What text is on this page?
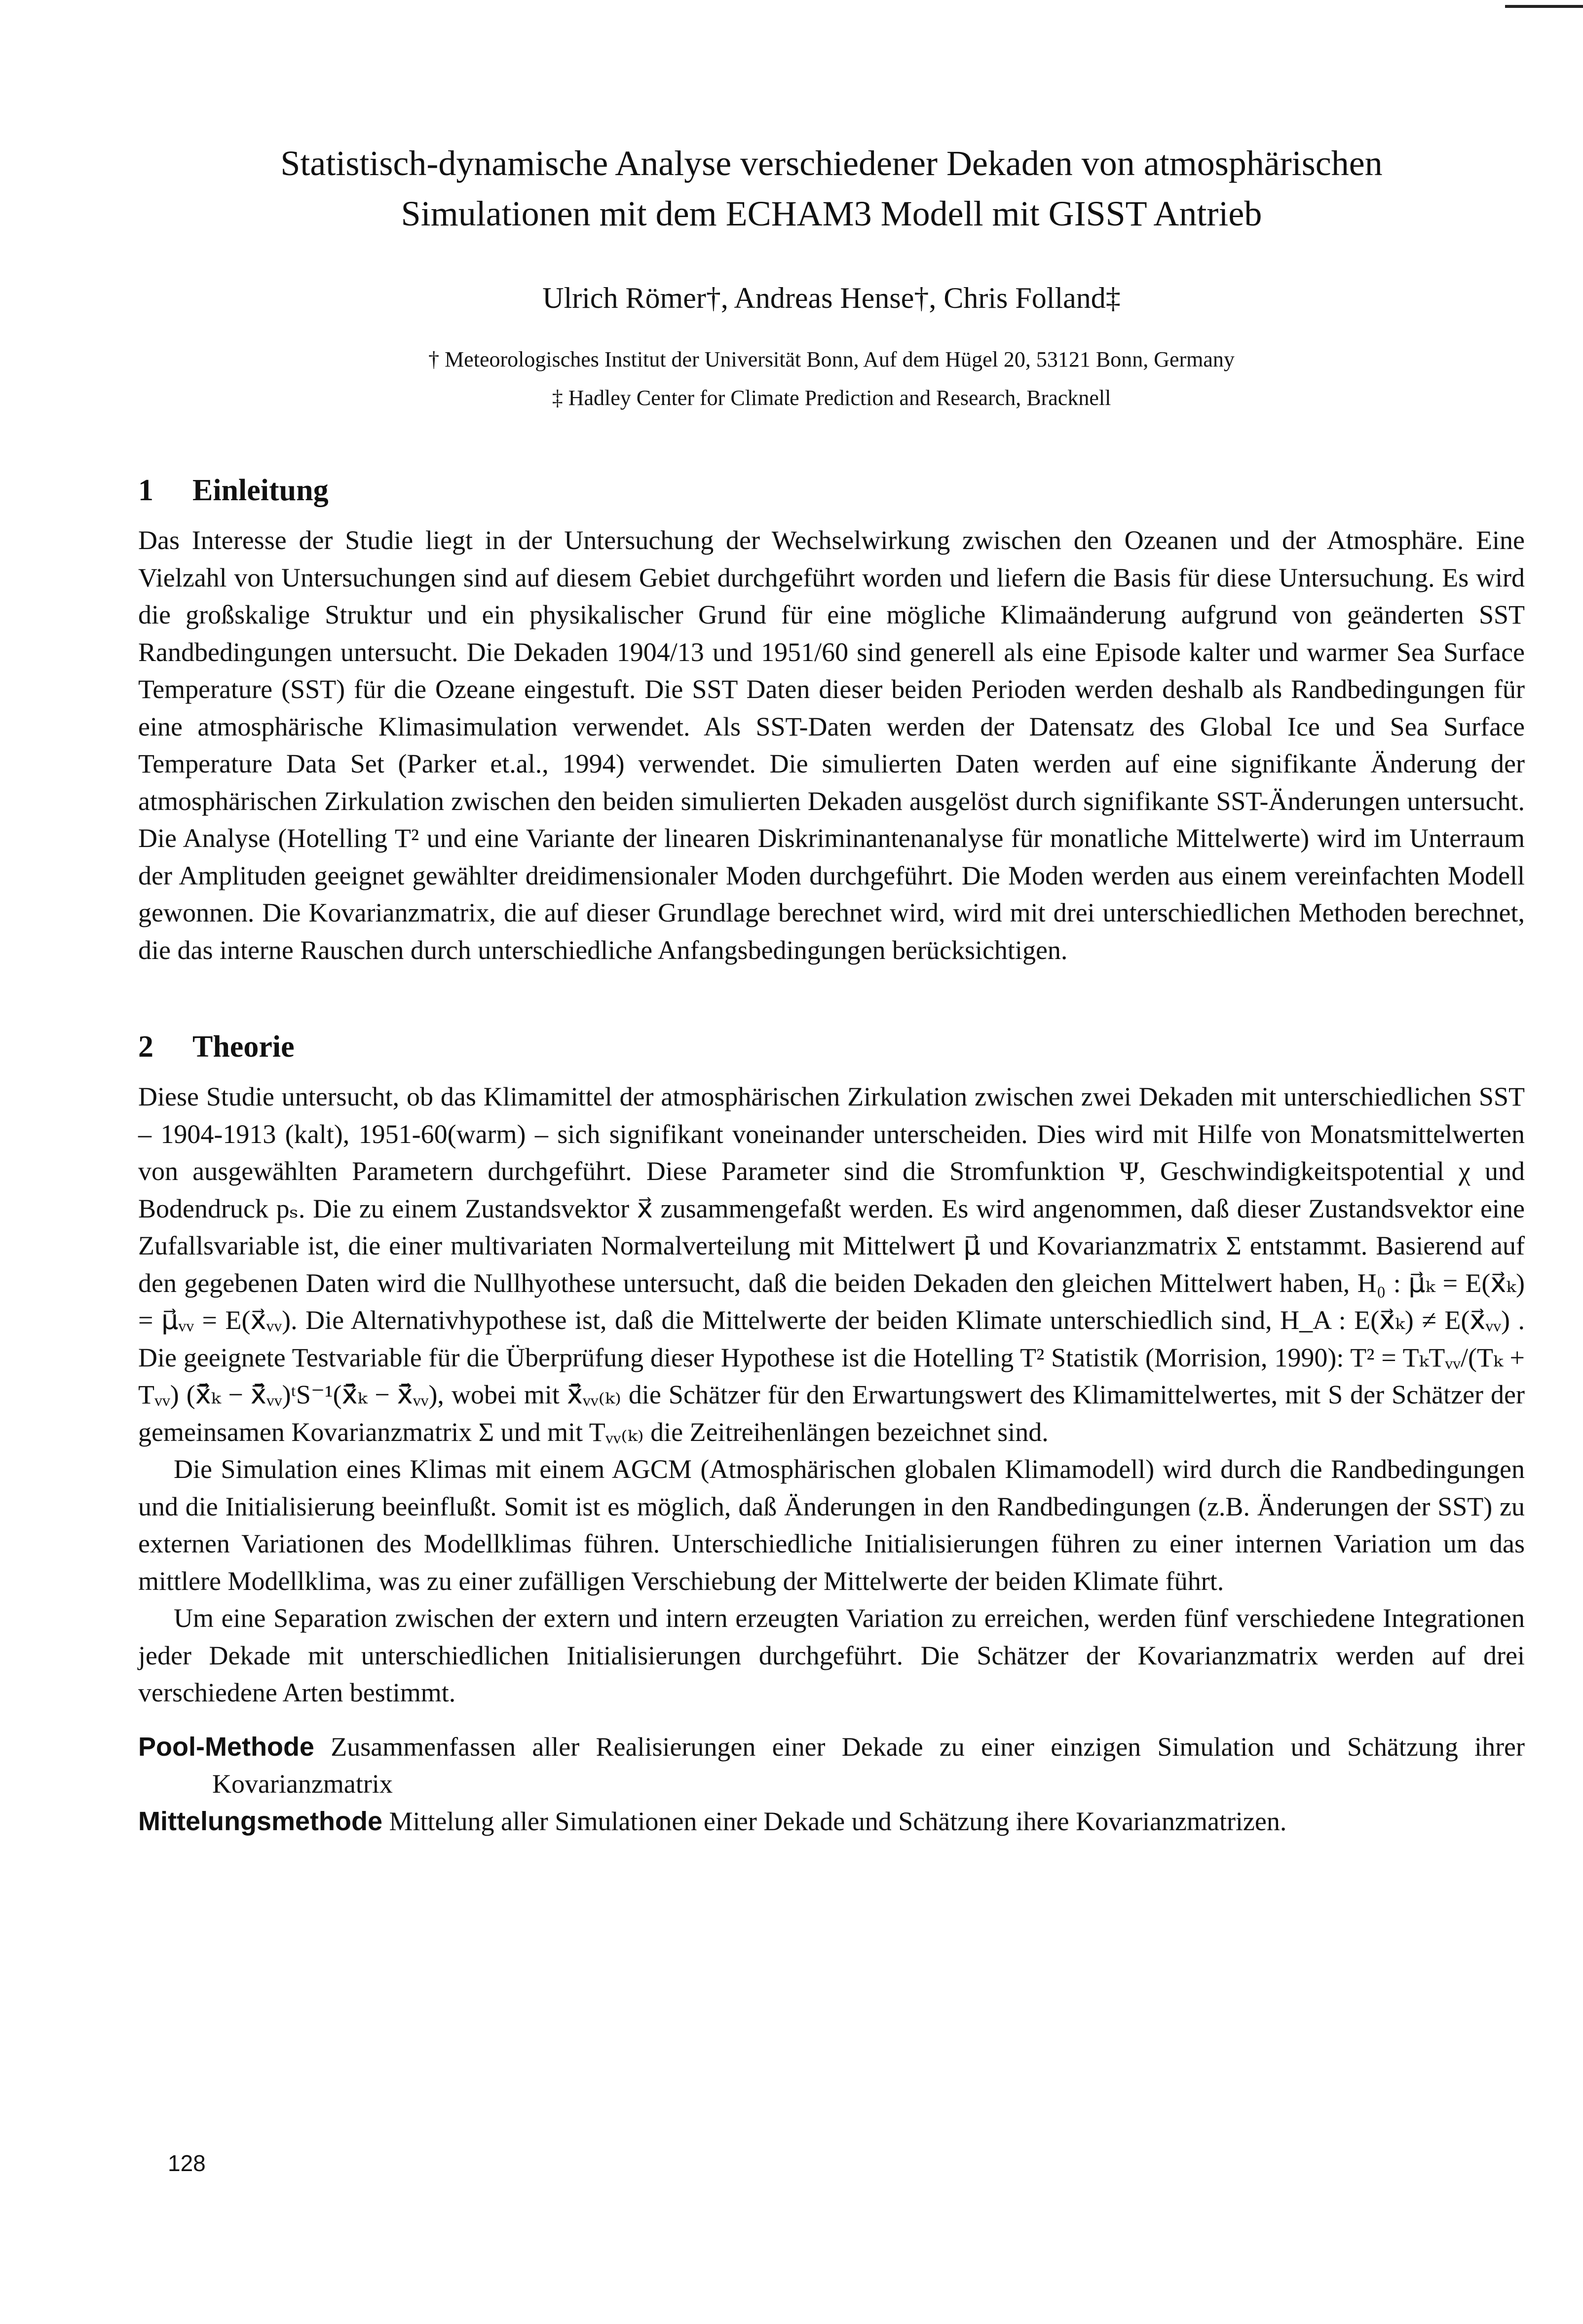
Statistisch-dynamische Analyse verschiedener Dekaden von atmosphärischen
Simulationen mit dem ECHAM3 Modell mit GISST Antrieb
Ulrich Römer†, Andreas Hense†, Chris Folland‡
† Meteorologisches Institut der Universität Bonn, Auf dem Hügel 20, 53121 Bonn, Germany
‡ Hadley Center for Climate Prediction and Research, Bracknell
1 Einleitung

Das Interesse der Studie liegt in der Untersuchung der Wechselwirkung zwischen den Ozeanen und der Atmosphäre. Eine Vielzahl von Untersuchungen sind auf diesem Gebiet durchgeführt worden und liefern die Basis für diese Untersuchung. Es wird die großskalige Struktur und ein physikalischer Grund für eine mögliche Klimaänderung aufgrund von geänderten SST Randbedingungen untersucht. Die Dekaden 1904/13 und 1951/60 sind generell als eine Episode kalter und warmer Sea Surface Temperature (SST) für die Ozeane eingestuft. Die SST Daten dieser beiden Perioden werden deshalb als Randbedingungen für eine atmosphärische Klimasimulation verwendet. Als SST-Daten werden der Datensatz des Global Ice und Sea Surface Temperature Data Set (Parker et.al., 1994) verwendet. Die simulierten Daten werden auf eine signifikante Änderung der atmosphärischen Zirkulation zwischen den beiden simulierten Dekaden ausgelöst durch signifikante SST-Änderungen untersucht. Die Analyse (Hotelling T² und eine Variante der linearen Diskriminantenanalyse für monatliche Mittelwerte) wird im Unterraum der Amplituden geeignet gewählter dreidimensionaler Moden durchgeführt. Die Moden werden aus einem vereinfachten Modell gewonnen. Die Kovarianzmatrix, die auf dieser Grundlage berechnet wird, wird mit drei unterschiedlichen Methoden berechnet, die das interne Rauschen durch unterschiedliche Anfangsbedingungen berücksichtigen.

2 Theorie

Diese Studie untersucht, ob das Klimamittel der atmosphärischen Zirkulation zwischen zwei Dekaden mit unterschiedlichen SST – 1904-1913 (kalt), 1951-60(warm) – sich signifikant voneinander unterscheiden. Dies wird mit Hilfe von Monatsmittelwerten von ausgewählten Parametern durchgeführt. Diese Parameter sind die Stromfunktion Ψ, Geschwindigkeitspotential χ und Bodendruck pₛ. Die zu einem Zustandsvektor x⃗ zusammengefaßt werden. Es wird angenommen, daß dieser Zustandsvektor eine Zufallsvariable ist, die einer multivariaten Normalverteilung mit Mittelwert μ⃗ und Kovarianzmatrix Σ entstammt. Basierend auf den gegebenen Daten wird die Nullhyothese untersucht, daß die beiden Dekaden den gleichen Mittelwert haben, H₀ : μ⃗ₖ = E(x⃗ₖ) = μ⃗ᵥᵥ = E(x⃗ᵥᵥ). Die Alternativhypothese ist, daß die Mittelwerte der beiden Klimate unterschiedlich sind, H_A : E(x⃗ₖ) ≠ E(x⃗ᵥᵥ) . Die geeignete Testvariable für die Überprüfung dieser Hypothese ist die Hotelling T² Statistik (Morrision, 1990): T² = TₖTᵥᵥ/(Tₖ + Tᵥᵥ) (x̄⃗ₖ − x̄⃗ᵥᵥ)ᵗS⁻¹(x̄⃗ₖ − x̄⃗ᵥᵥ), wobei mit x̄⃗ᵥᵥ₍ₖ₎ die Schätzer für den Erwartungswert des Klimamittelwertes, mit S der Schätzer der gemeinsamen Kovarianzmatrix Σ und mit Tᵥᵥ₍ₖ₎ die Zeitreihenlängen bezeichnet sind.

Die Simulation eines Klimas mit einem AGCM (Atmosphärischen globalen Klimamodell) wird durch die Randbedingungen und die Initialisierung beeinflußt. Somit ist es möglich, daß Änderungen in den Randbedingungen (z.B. Änderungen der SST) zu externen Variationen des Modellklimas führen. Unterschiedliche Initialisierungen führen zu einer internen Variation um das mittlere Modellklima, was zu einer zufälligen Verschiebung der Mittelwerte der beiden Klimate führt.

Um eine Separation zwischen der extern und intern erzeugten Variation zu erreichen, werden fünf verschiedene Integrationen jeder Dekade mit unterschiedlichen Initialisierungen durchgeführt. Die Schätzer der Kovarianzmatrix werden auf drei verschiedene Arten bestimmt.

Pool-Methode Zusammenfassen aller Realisierungen einer Dekade zu einer einzigen Simulation und Schätzung ihrer Kovarianzmatrix
Mittelungsmethode Mittelung aller Simulationen einer Dekade und Schätzung ihere Kovarianzmatrizen.
128
